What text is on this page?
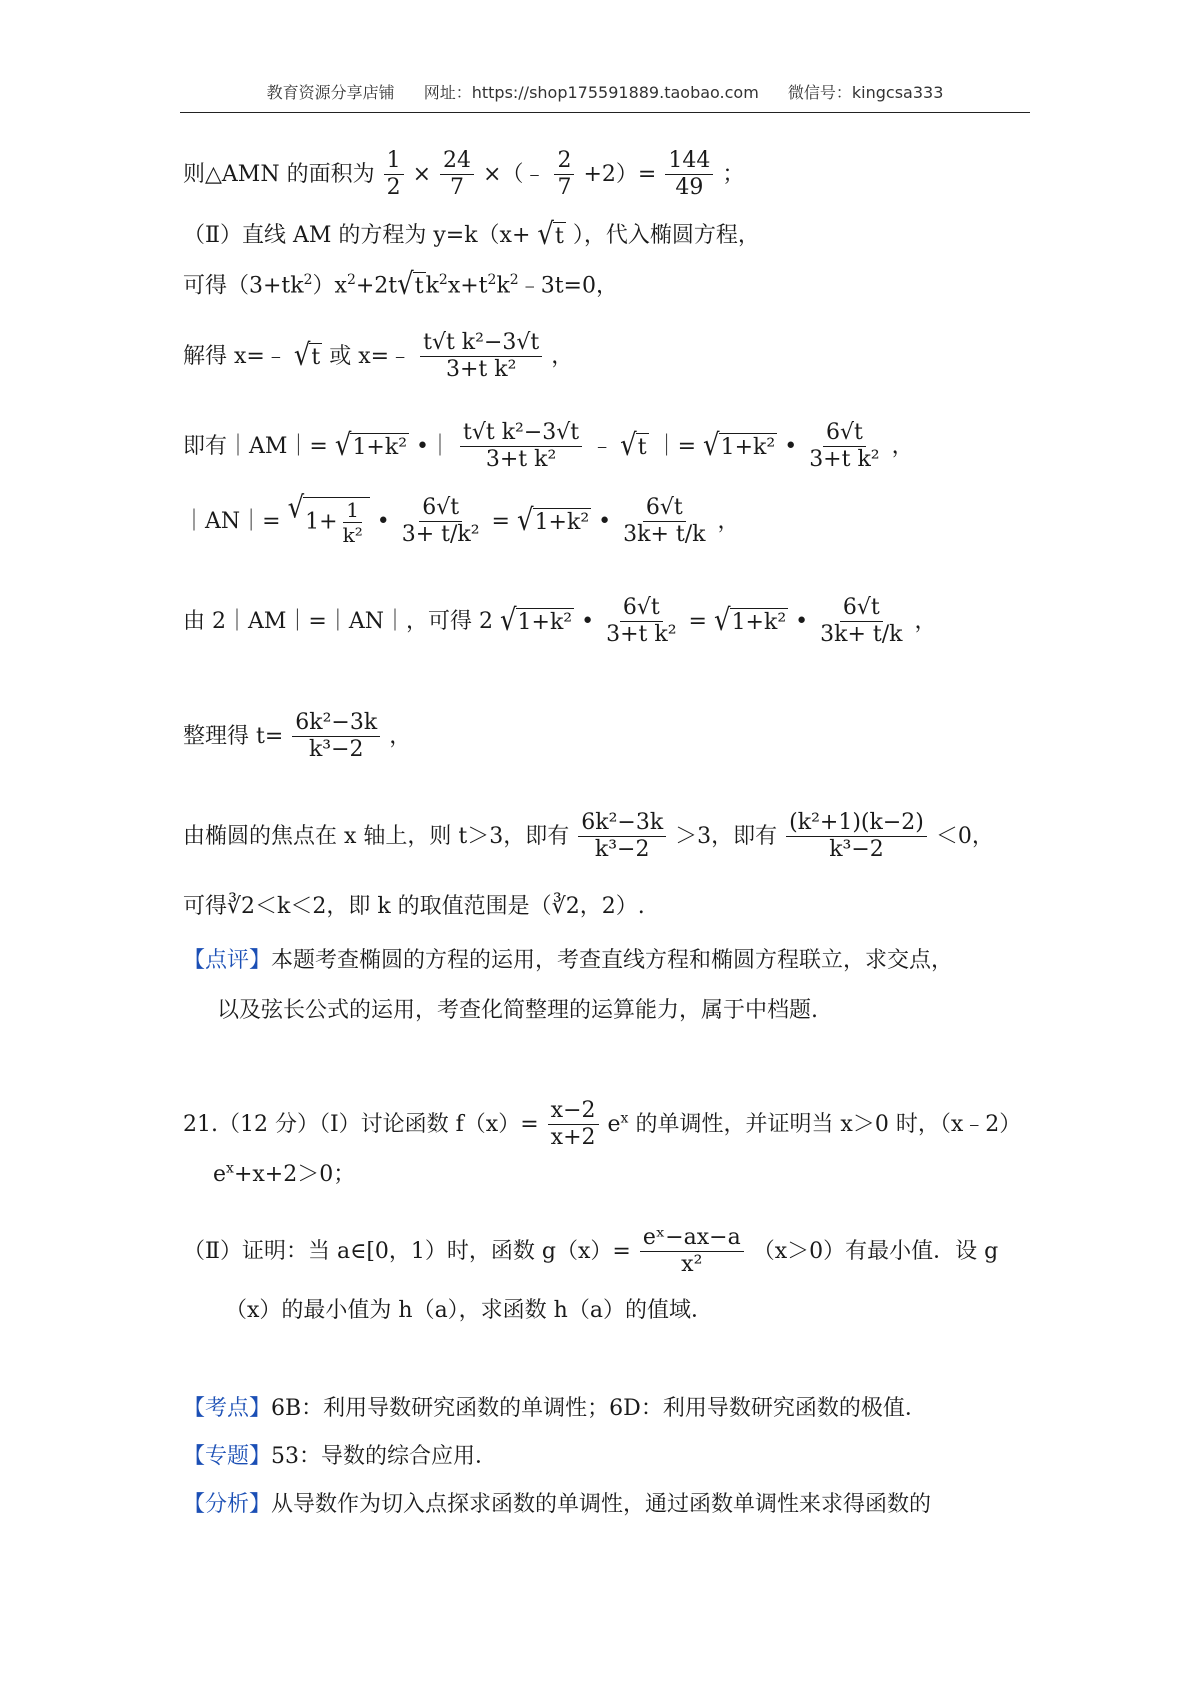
教育资源分享店铺 网址：https://shop175591889.taobao.com 微信号：kingcsa333
则△AMN 的面积为 $\frac{1}{2} \times \frac{24}{7}$ ×（﹣ $\frac{2}{7} +2)= \frac{144}{49}$ ；
（Ⅱ）直线 AM 的方程为 y=k（x+ √ t ），代入椭圆方程，
可得$(3+tk^2)x^2+2t$ √ t $k^2x+t^2k^2﹣3t=0$，
解得 x=﹣ √ t 或 x=﹣ $\frac{\text{t√t k²−3√t}}{\text{3+t k²}}$ ，
即有｜AM｜= √ 1+k² •｜ $\frac{\text{t√t k²−3√t}}{\text{3+t k²}}$ ﹣ √ t ｜= √ 1+k² • $\frac{6√t}{\text{3+t k²}}$ ，
｜AN｜= √ $1+ \frac{1}{\text{k²}}$ • $\frac{6√t}{\text{3+ t/k²}}$ = √ 1+k² • $\frac{6√t}{3k+ t/k}$ ，
由 2｜AM｜=｜AN｜，可得 2 √ 1+k² • $\frac{6√t}{\text{3+t k²}}$ = √ 1+k² • $\frac{6√t}{3k+ t/k}$ ，
整理得 $t= \frac{\text{6k²−3k}}{\text{k³−2}}$ ，
由椭圆的焦点在 x 轴上，则 t＞3，即有 $\frac{\text{6k²−3k}}{\text{k³−2}} >3$，即有 $\frac{\text{(k²+1)(k−2)}}{\text{k³−2}} <0$，
可得∛2＜k＜2，即 k 的取值范围是（∛2，2）.
【点评】本题考查椭圆的方程的运用，考查直线方程和椭圆方程联立，求交点，
以及弦长公式的运用，考查化简整理的运算能力，属于中档题.
21.（12 分）（Ⅰ）讨论函数 $f(x)= \frac{x-2}{x+2} e^x$ 的单调性，并证明当 x＞0 时，（x﹣2）
$e^x+x+2>0$；
（Ⅱ）证明：当 a∈[0，1）时，函数 $g(x)= \frac{\text{eˣ−ax−a}}{\text{x²}} (x>0)$有最小值．设 g
（x）的最小值为 h（a），求函数 h（a）的值域．
【考点】6B：利用导数研究函数的单调性；6D：利用导数研究函数的极值．
【专题】53：导数的综合应用．
【分析】从导数作为切入点探求函数的单调性，通过函数单调性来求得函数的
